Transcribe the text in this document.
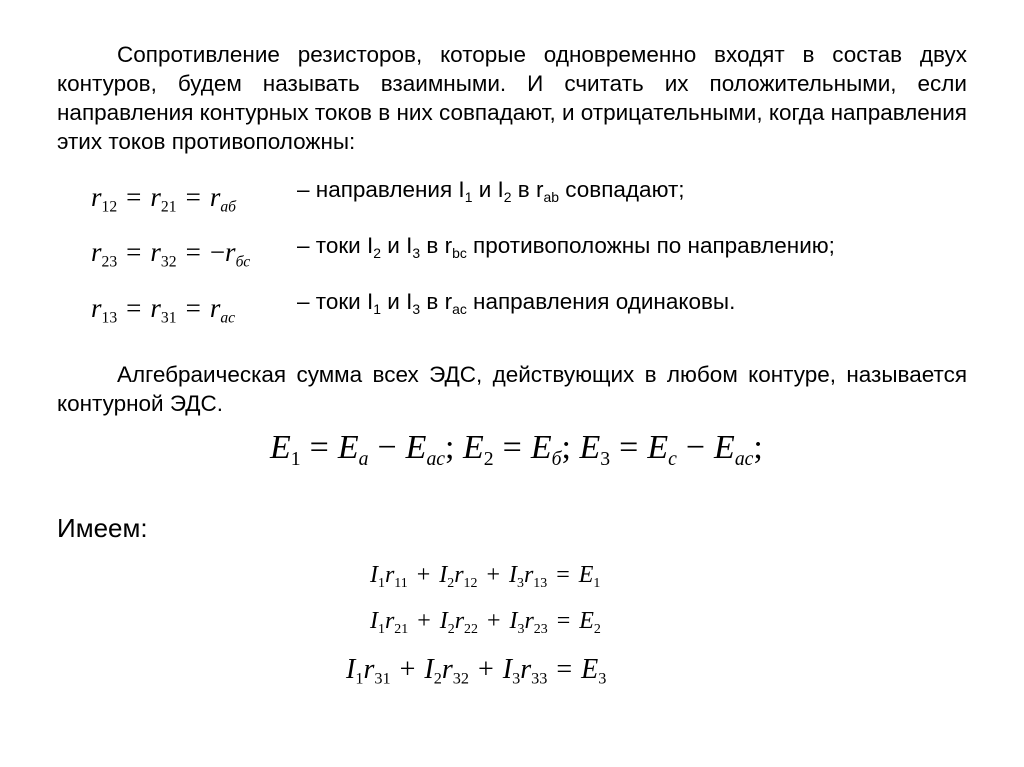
Сопротивление резисторов, которые одновременно входят в состав двух контуров, будем называть взаимными. И считать их положительными, если направления контурных токов в них совпадают, и отрицательными, когда направления этих токов противоположны:

$r_{12} = r_{21} = r_{аб}$
– направления $I_1$ и $I_2$ в $r_{ab}$ совпадают;
$r_{23} = r_{32} = -r_{бс}$
– токи $I_2$ и $I_3$ в $r_{bc}$ противоположны по направлению;
$r_{13} = r_{31} = r_{ас}$
– токи $I_1$ и $I_3$ в $r_{ac}$ направления одинаковы.

Алгебраическая сумма всех ЭДС, действующих в любом контуре, называется контурной ЭДС.

$E_1 = E_а - E_{ас}$; $E_2 = E_б$; $E_3 = E_с - E_{ас}$;
Имеем:
$I_1r_{11} + I_2r_{12} + I_3r_{13} = E_1$
$I_1r_{21} + I_2r_{22} + I_3r_{23} = E_2$
$I_1r_{31} + I_2r_{32} + I_3r_{33} = E_3$
